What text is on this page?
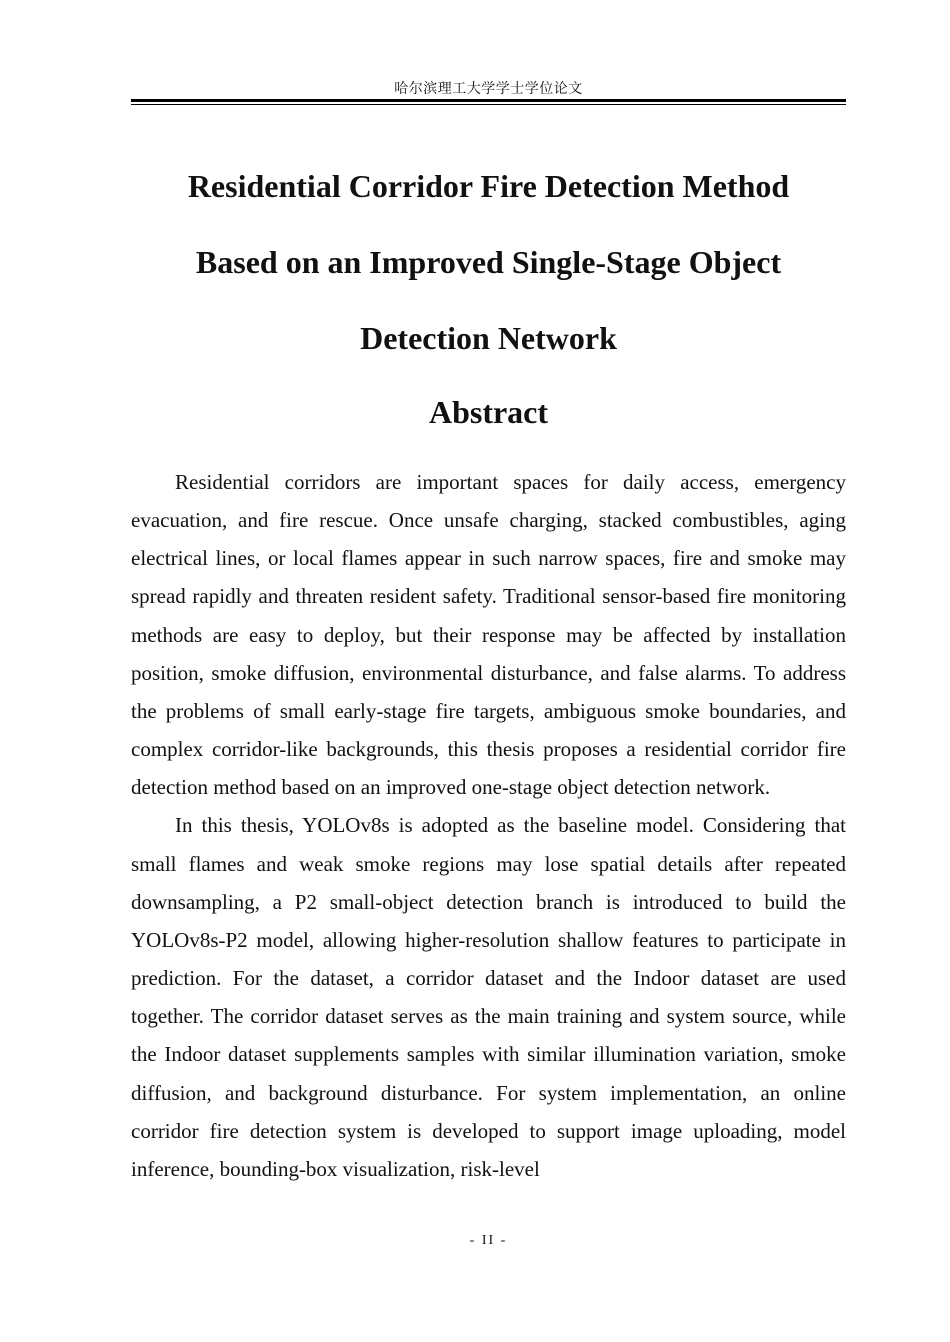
哈尔滨理工大学学士学位论文
Residential Corridor Fire Detection Method
Based on an Improved Single-Stage Object
Detection Network
Abstract

Residential corridors are important spaces for daily access, emergency evacuation, and fire rescue. Once unsafe charging, stacked combustibles, aging electrical lines, or local flames appear in such narrow spaces, fire and smoke may spread rapidly and threaten resident safety. Traditional sensor-based fire monitoring methods are easy to deploy, but their response may be affected by installation position, smoke diffusion, environmental disturbance, and false alarms. To address the problems of small early-stage fire targets, ambiguous smoke boundaries, and complex corridor-like backgrounds, this thesis proposes a residential corridor fire detection method based on an improved one-stage object detection network.

In this thesis, YOLOv8s is adopted as the baseline model. Considering that small flames and weak smoke regions may lose spatial details after repeated downsampling, a P2 small-object detection branch is introduced to build the YOLOv8s-P2 model, allowing higher-resolution shallow features to participate in prediction. For the dataset, a corridor dataset and the Indoor dataset are used together. The corridor dataset serves as the main training and system source, while the Indoor dataset supplements samples with similar illumination variation, smoke diffusion, and background disturbance. For system implementation, an online corridor fire detection system is developed to support image uploading, model inference, bounding-box visualization, risk-level

- II -
